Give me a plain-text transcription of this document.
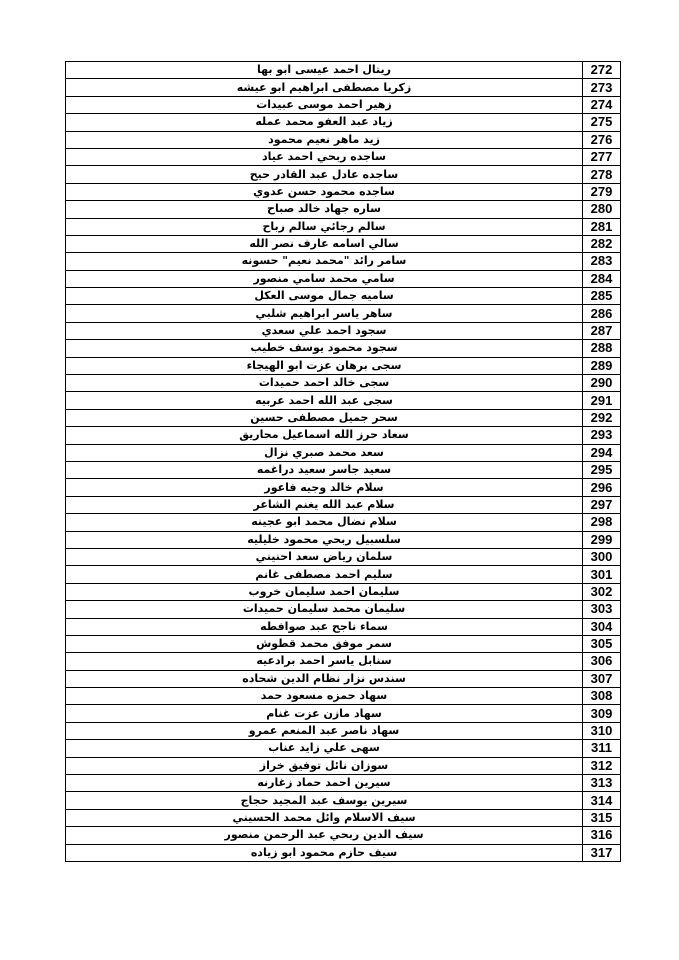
272	ريتال احمد عيسى ابو بها
273	زكريا مصطفى ابراهيم ابو عيشه
274	زهير احمد موسى عبيدات
275	زياد عبد العفو محمد عمله
276	زيد ماهر نعيم محمود
277	ساجده ربحي احمد عياد
278	ساجده عادل عبد القادر حيح
279	ساجده محمود حسن عدوي
280	ساره جهاد خالد صباح
281	سالم رجائي سالم رباح
282	سالي اسامه عارف نصر الله
283	سامر رائد "محمد نعيم" حسونه
284	سامي محمد سامي منصور
285	ساميه جمال موسى العكل
286	ساهر ياسر ابراهيم شلبي
287	سجود احمد علي سعدي
288	سجود محمود يوسف خطيب
289	سجى برهان عزت ابو الهيجاء
290	سجى خالد احمد حميدات
291	سجى عبد الله احمد عربيه
292	سحر جميل مصطفى حسين
293	سعاد حرز الله اسماعيل محاريق
294	سعد محمد صبري نزال
295	سعيد جاسر سعيد دراغمه
296	سلام خالد وجيه فاعور
297	سلام عبد الله يغنم الشاعر
298	سلام نضال محمد ابو عجينه
299	سلسبيل ربحي محمود خليليه
300	سلمان رياض سعد احنيني
301	سليم احمد مصطفى غانم
302	سليمان احمد سليمان خروب
303	سليمان محمد سليمان حميدات
304	سماء ناجح عبد صوافطه
305	سمر موفق محمد قطوش
306	سنابل ياسر احمد برادعيه
307	سندس نزار نظام الدين شحاده
308	سهاد حمزه مسعود حمد
309	سهاد مازن عزت غنام
310	سهاد ناصر عبد المنعم عمرو
311	سهى علي زايد عناب
312	سوزان نائل توفيق خراز
313	سيرين احمد حماد زغارنه
314	سيرين يوسف عبد المجيد حجاج
315	سيف الاسلام وائل محمد الحسيني
316	سيف الدين ربحي عبد الرحمن منصور
317	سيف حازم محمود ابو زياده
